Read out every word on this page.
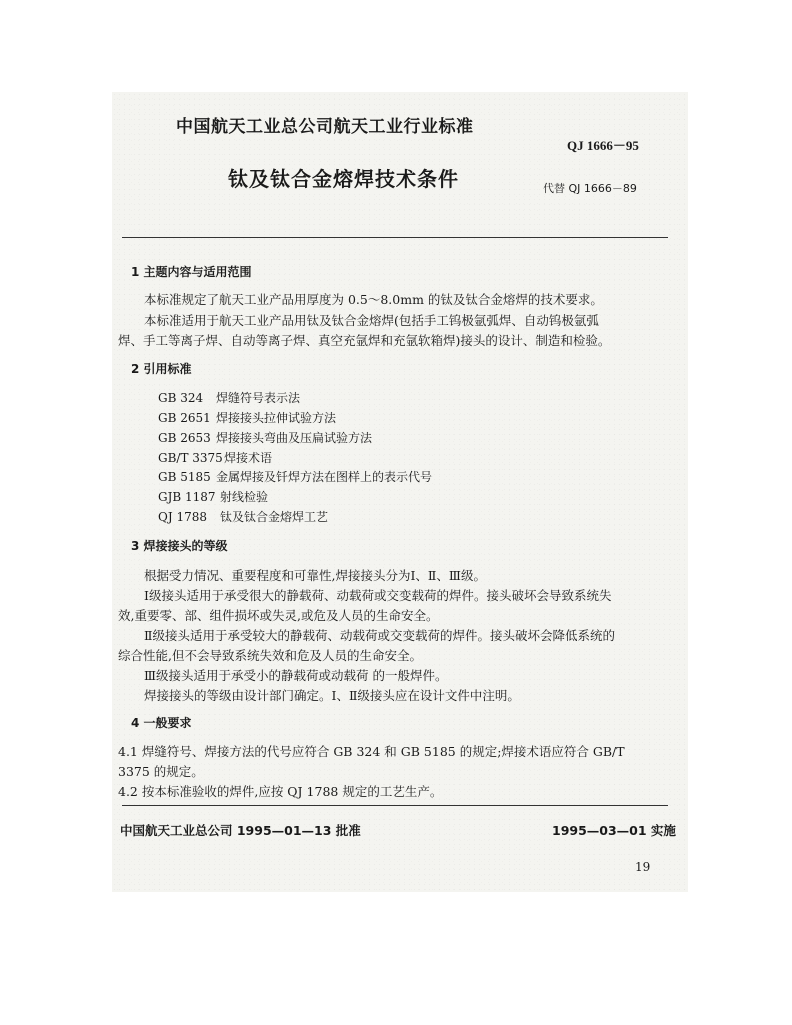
中国航天工业总公司航天工业行业标准
QJ 1666－95
钛及钛合金熔焊技术条件	代替 QJ 1666－89
1 主题内容与适用范围
本标准规定了航天工业产品用厚度为 0.5～8.0mm 的钛及钛合金熔焊的技术要求。
本标准适用于航天工业产品用钛及钛合金熔焊(包括手工钨极氩弧焊、自动钨极氩弧
焊、手工等离子焊、自动等离子焊、真空充氩焊和充氩软箱焊)接头的设计、制造和检验。
2 引用标准
GB 324 焊缝符号表示法
GB 2651 焊接接头拉伸试验方法
GB 2653 焊接接头弯曲及压扁试验方法
GB/T 3375焊接术语
GB 5185 金属焊接及钎焊方法在图样上的表示代号
GJB 1187 射线检验
QJ 1788 钛及钛合金熔焊工艺
3 焊接接头的等级
根据受力情况、重要程度和可靠性,焊接接头分为Ⅰ、Ⅱ、Ⅲ级。
Ⅰ级接头适用于承受很大的静载荷、动载荷或交变载荷的焊件。接头破坏会导致系统失
效,重要零、部、组件损坏或失灵,或危及人员的生命安全。
Ⅱ级接头适用于承受较大的静载荷、动载荷或交变载荷的焊件。接头破坏会降低系统的
综合性能,但不会导致系统失效和危及人员的生命安全。
Ⅲ级接头适用于承受小的静载荷或动载荷 的一般焊件。
焊接接头的等级由设计部门确定。Ⅰ、Ⅱ级接头应在设计文件中注明。
4 一般要求
4.1 焊缝符号、焊接方法的代号应符合 GB 324 和 GB 5185 的规定;焊接术语应符合 GB/T
3375 的规定。
4.2 按本标准验收的焊件,应按 QJ 1788 规定的工艺生产。
中国航天工业总公司 1995—01—13 批准	1995—03—01 实施
19
